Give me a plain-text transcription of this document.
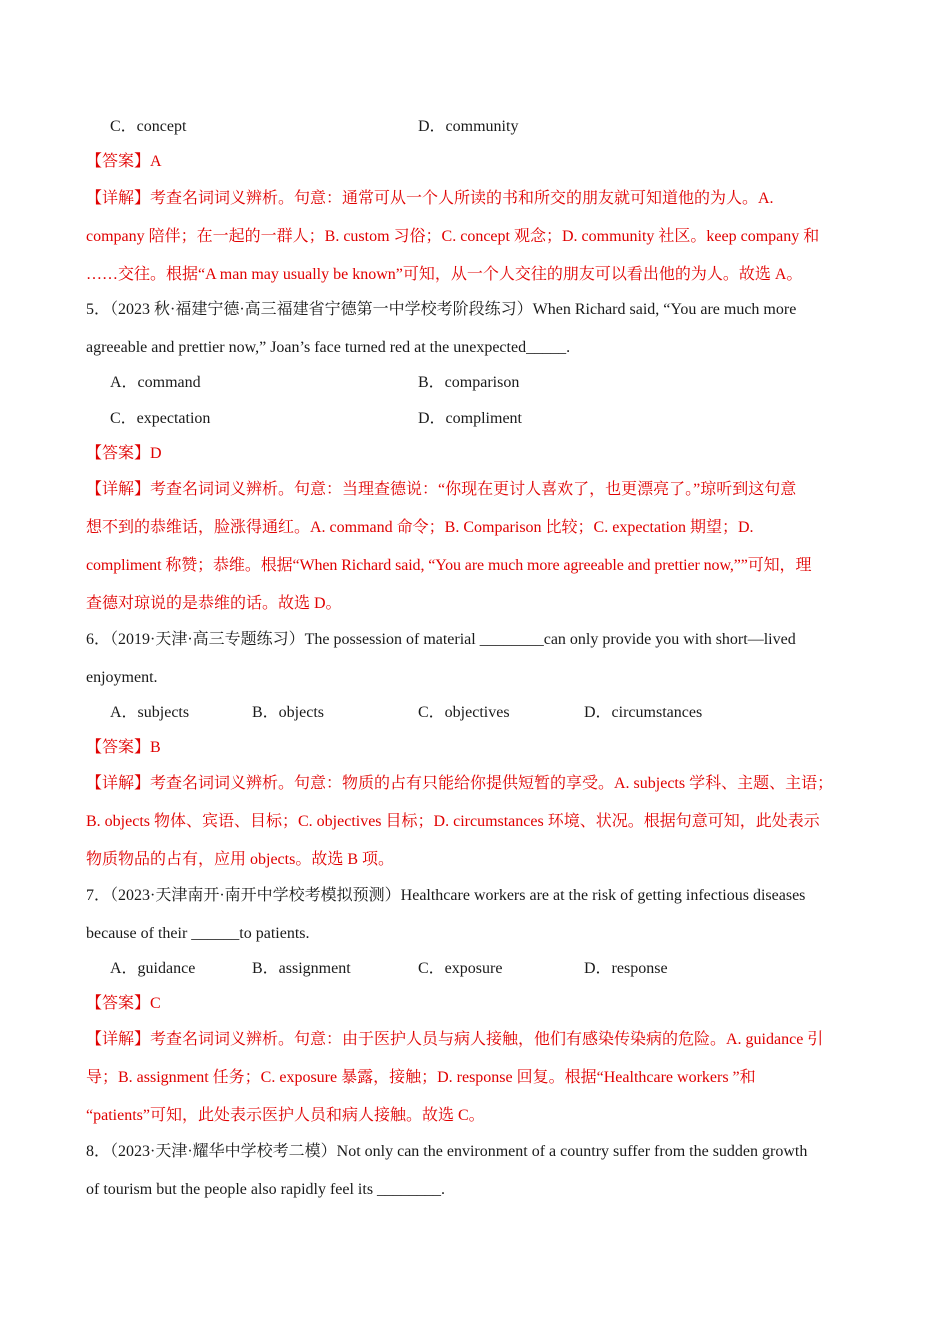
C．concept	D．community
【答案】A
【详解】考查名词词义辨析。句意：通常可从一个人所读的书和所交的朋友就可知道他的为人。A.
company 陪伴；在一起的一群人；B. custom 习俗；C. concept 观念；D. community 社区。keep company 和
……交往。根据“A man may usually be known”可知，从一个人交往的朋友可以看出他的为人。故选 A。
5．（2023 秋·福建宁德·高三福建省宁德第一中学校考阶段练习）When Richard said, “You are much more
agreeable and prettier now,” Joan’s face turned red at the unexpected_____.
A．command	B．comparison
C．expectation	D．compliment
【答案】D
【详解】考查名词词义辨析。句意：当理查德说：“你现在更讨人喜欢了，也更漂亮了。”琼听到这句意
想不到的恭维话，脸涨得通红。A. command 命令；B. Comparison 比较；C. expectation 期望；D.
compliment 称赞；恭维。根据“When Richard said, “You are much more agreeable and prettier now,””可知，理
查德对琼说的是恭维的话。故选 D。
6．（2019·天津·高三专题练习）The possession of material ________can only provide you with short—lived
enjoyment.
A．subjects	B．objects	C．objectives	D．circumstances
【答案】B
【详解】考查名词词义辨析。句意：物质的占有只能给你提供短暂的享受。A. subjects 学科、主题、主语；
B. objects 物体、宾语、目标；C. objectives 目标；D. circumstances 环境、状况。根据句意可知，此处表示
物质物品的占有，应用 objects。故选 B 项。
7．（2023·天津南开·南开中学校考模拟预测）Healthcare workers are at the risk of getting infectious diseases
because of their ______to patients.
A．guidance	B．assignment	C．exposure	D．response
【答案】C
【详解】考查名词词义辨析。句意：由于医护人员与病人接触，他们有感染传染病的危险。A. guidance 引
导；B. assignment 任务；C. exposure 暴露，接触；D. response 回复。根据“Healthcare workers ”和
“patients”可知，此处表示医护人员和病人接触。故选 C。
8．（2023·天津·耀华中学校考二模）Not only can the environment of a country suffer from the sudden growth
of tourism but the people also rapidly feel its ________.
